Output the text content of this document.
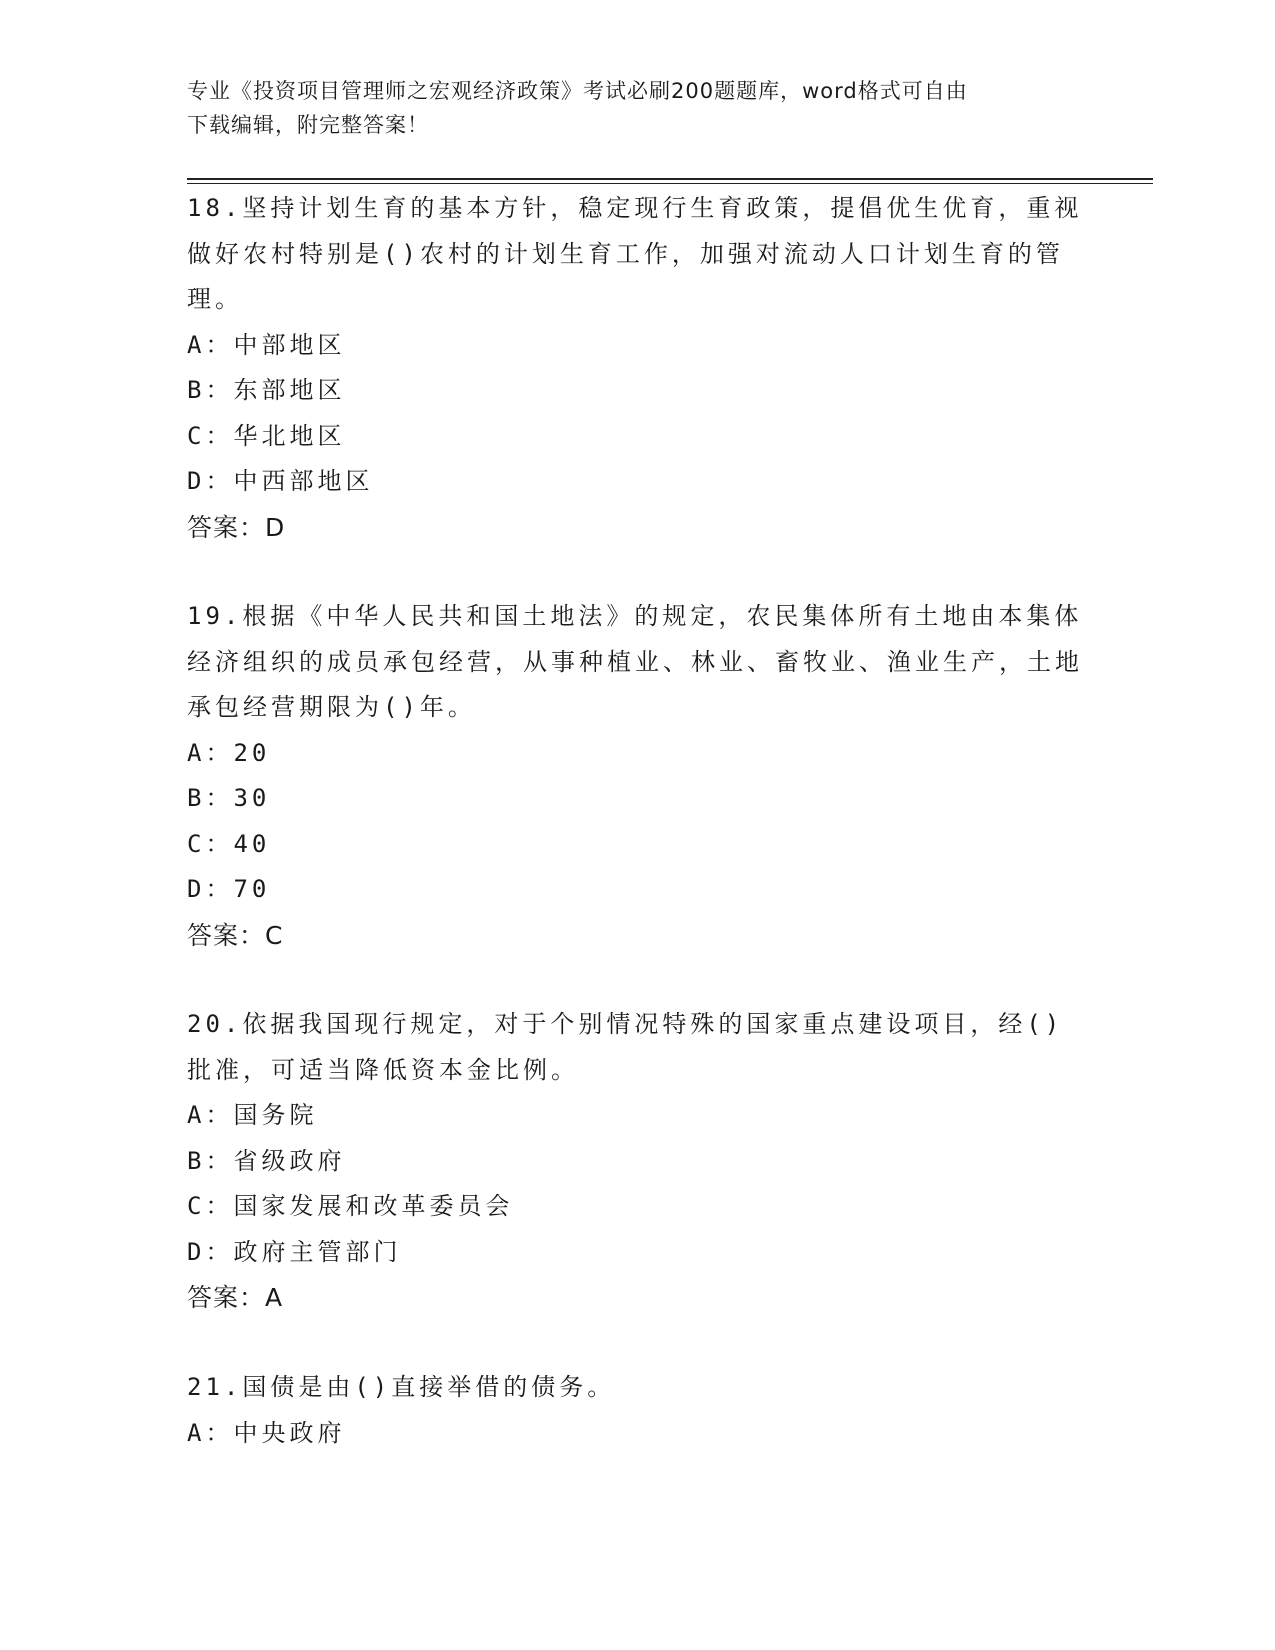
专业《投资项目管理师之宏观经济政策》考试必刷200题题库，word格式可自由
下载编辑，附完整答案！

18.坚持计划生育的基本方针，稳定现行生育政策，提倡优生优育，重视做好农村特别是()农村的计划生育工作，加强对流动人口计划生育的管理。

A：中部地区
B：东部地区
C：华北地区
D：中西部地区
答案：D

19.根据《中华人民共和国土地法》的规定，农民集体所有土地由本集体经济组织的成员承包经营，从事种植业、林业、畜牧业、渔业生产，土地承包经营期限为()年。

A：20
B：30
C：40
D：70
答案：C

20.依据我国现行规定，对于个别情况特殊的国家重点建设项目，经()批准，可适当降低资本金比例。

A：国务院
B：省级政府
C：国家发展和改革委员会
D：政府主管部门
答案：A

21.国债是由()直接举借的债务。

A：中央政府
